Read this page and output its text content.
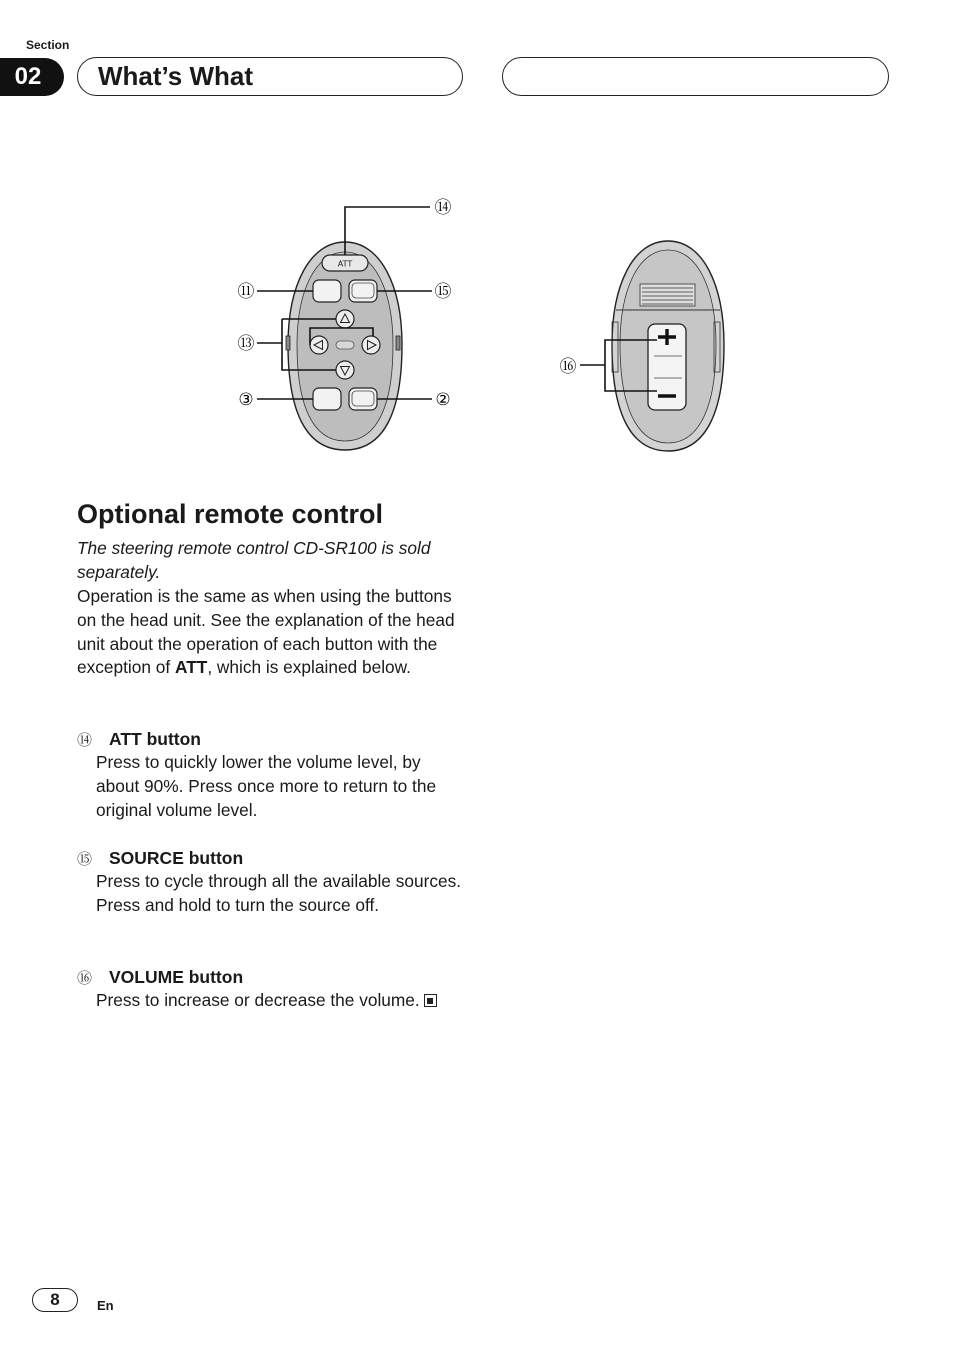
Section
02	What’s What
ATT
⑭
⑪	⑮
⑬
③	②
⑯
Optional remote control
The steering remote control CD-SR100 is sold separately.
Operation is the same as when using the buttons on the head unit. See the explanation of the head unit about the operation of each button with the exception of ATT, which is explained below.
⑭ ATT button
Press to quickly lower the volume level, by about 90%. Press once more to return to the original volume level.
⑮ SOURCE button
Press to cycle through all the available sources. Press and hold to turn the source off.
⑯ VOLUME button
Press to increase or decrease the volume.
8	En
